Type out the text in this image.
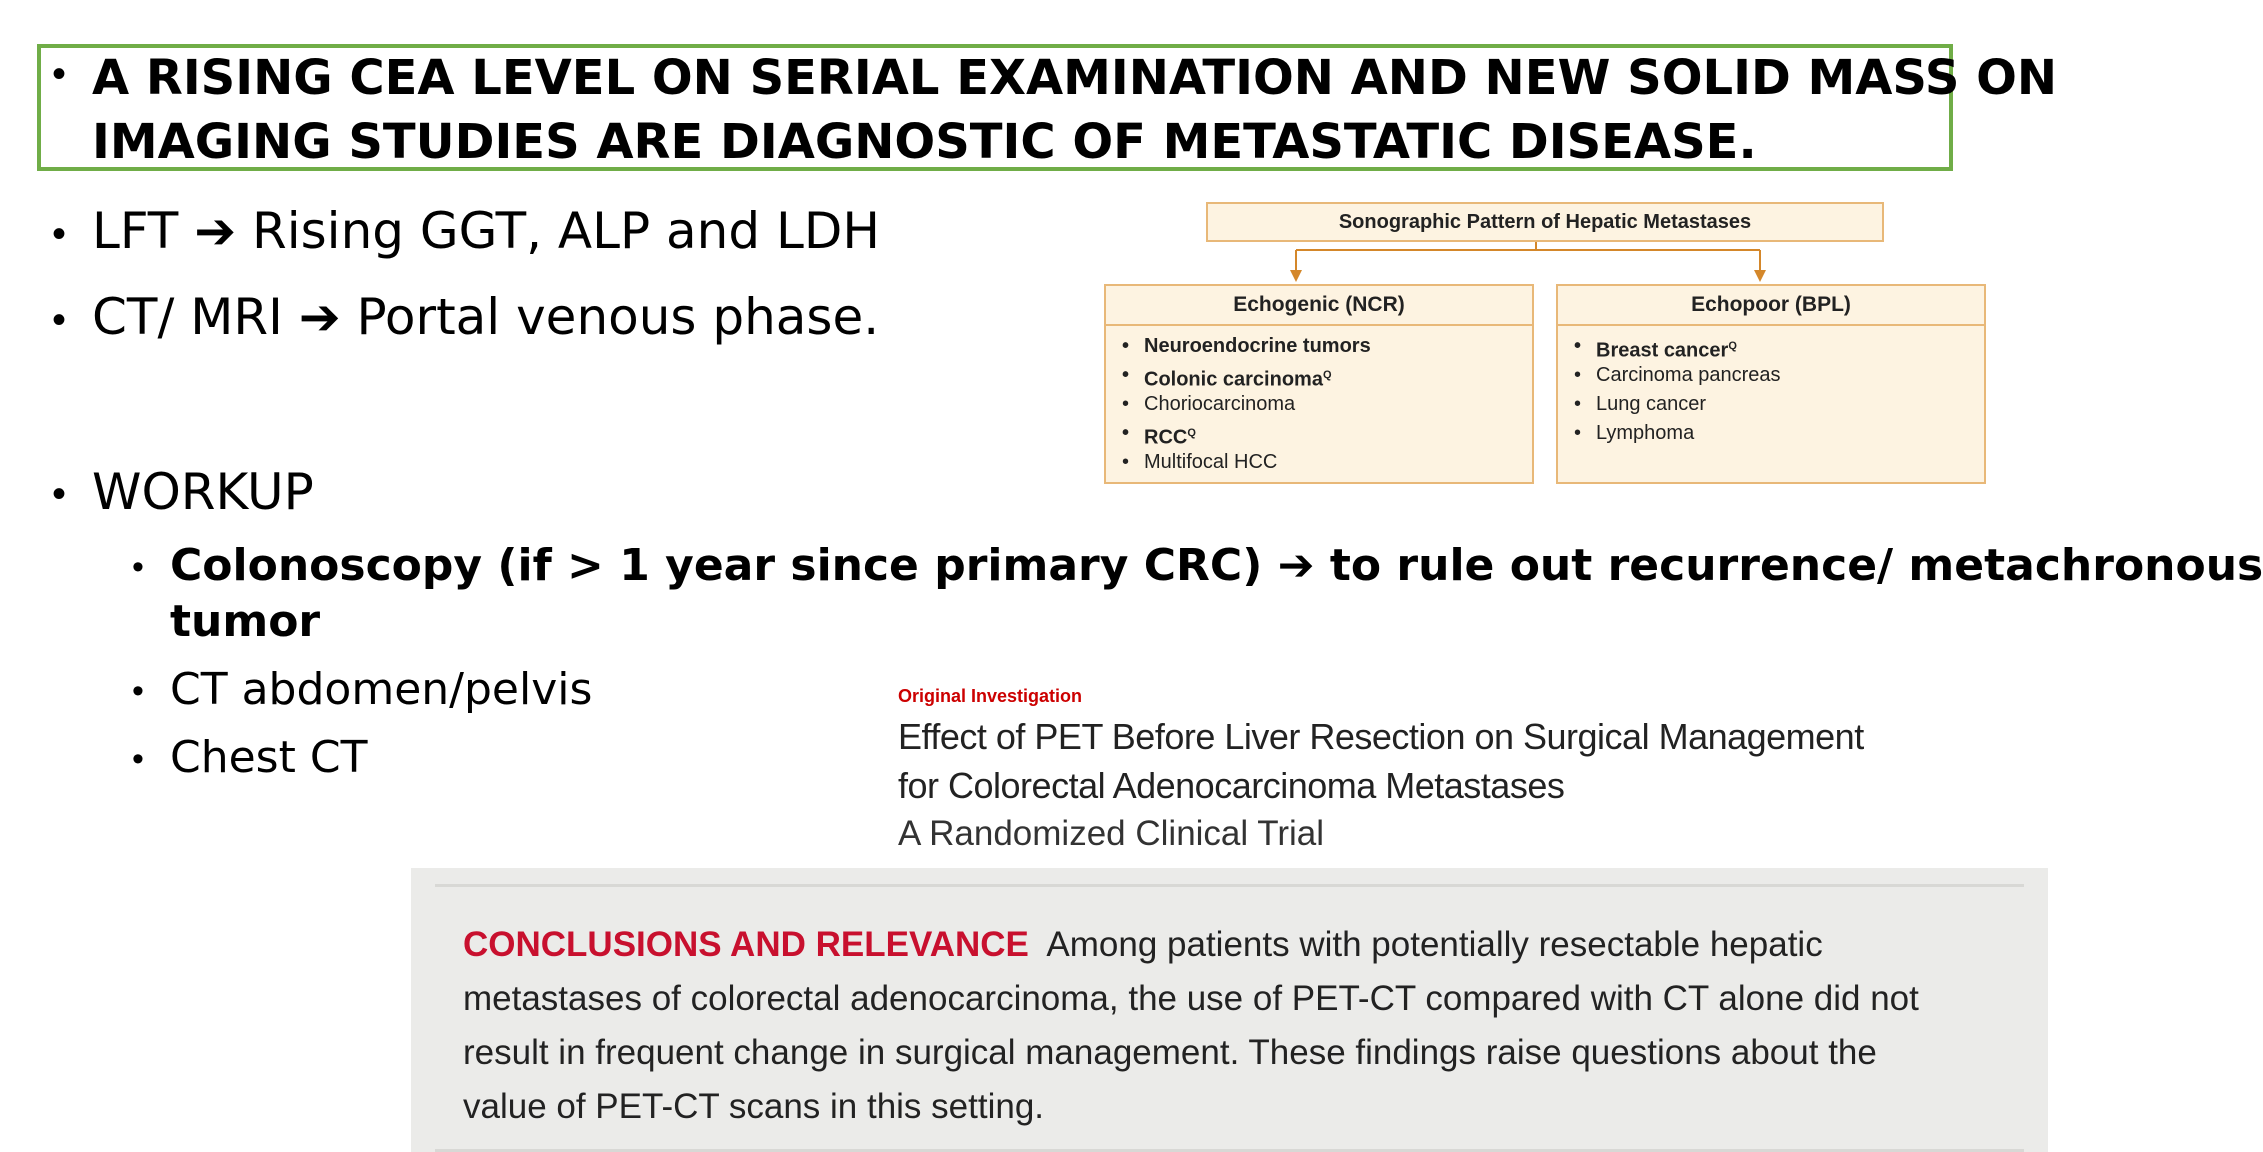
• A RISING CEA LEVEL ON SERIAL EXAMINATION AND NEW SOLID MASS ON
IMAGING STUDIES ARE DIAGNOSTIC OF METASTATIC DISEASE.
• LFT ➔ Rising GGT, ALP and LDH
• CT/ MRI ➔ Portal venous phase.
• WORKUP
• Colonoscopy (if > 1 year since primary CRC) ➔ to rule out recurrence/ metachronous
tumor
• CT abdomen/pelvis
• Chest CT
Sonographic Pattern of Hepatic Metastases
Echogenic (NCR)
• Neuroendocrine tumors
• Colonic carcinoma$^Q$
• Choriocarcinoma
• $RCC^Q$
• Multifocal HCC
Echopoor (BPL)
• Breast cancer$^Q$
• Carcinoma pancreas
• Lung cancer
• Lymphoma
Original Investigation
Effect of PET Before Liver Resection on Surgical Management
for Colorectal Adenocarcinoma Metastases
A Randomized Clinical Trial
CONCLUSIONS AND RELEVANCE Among patients with potentially resectable hepatic
metastases of colorectal adenocarcinoma, the use of PET-CT compared with CT alone did not
result in frequent change in surgical management. These findings raise questions about the
value of PET-CT scans in this setting.
